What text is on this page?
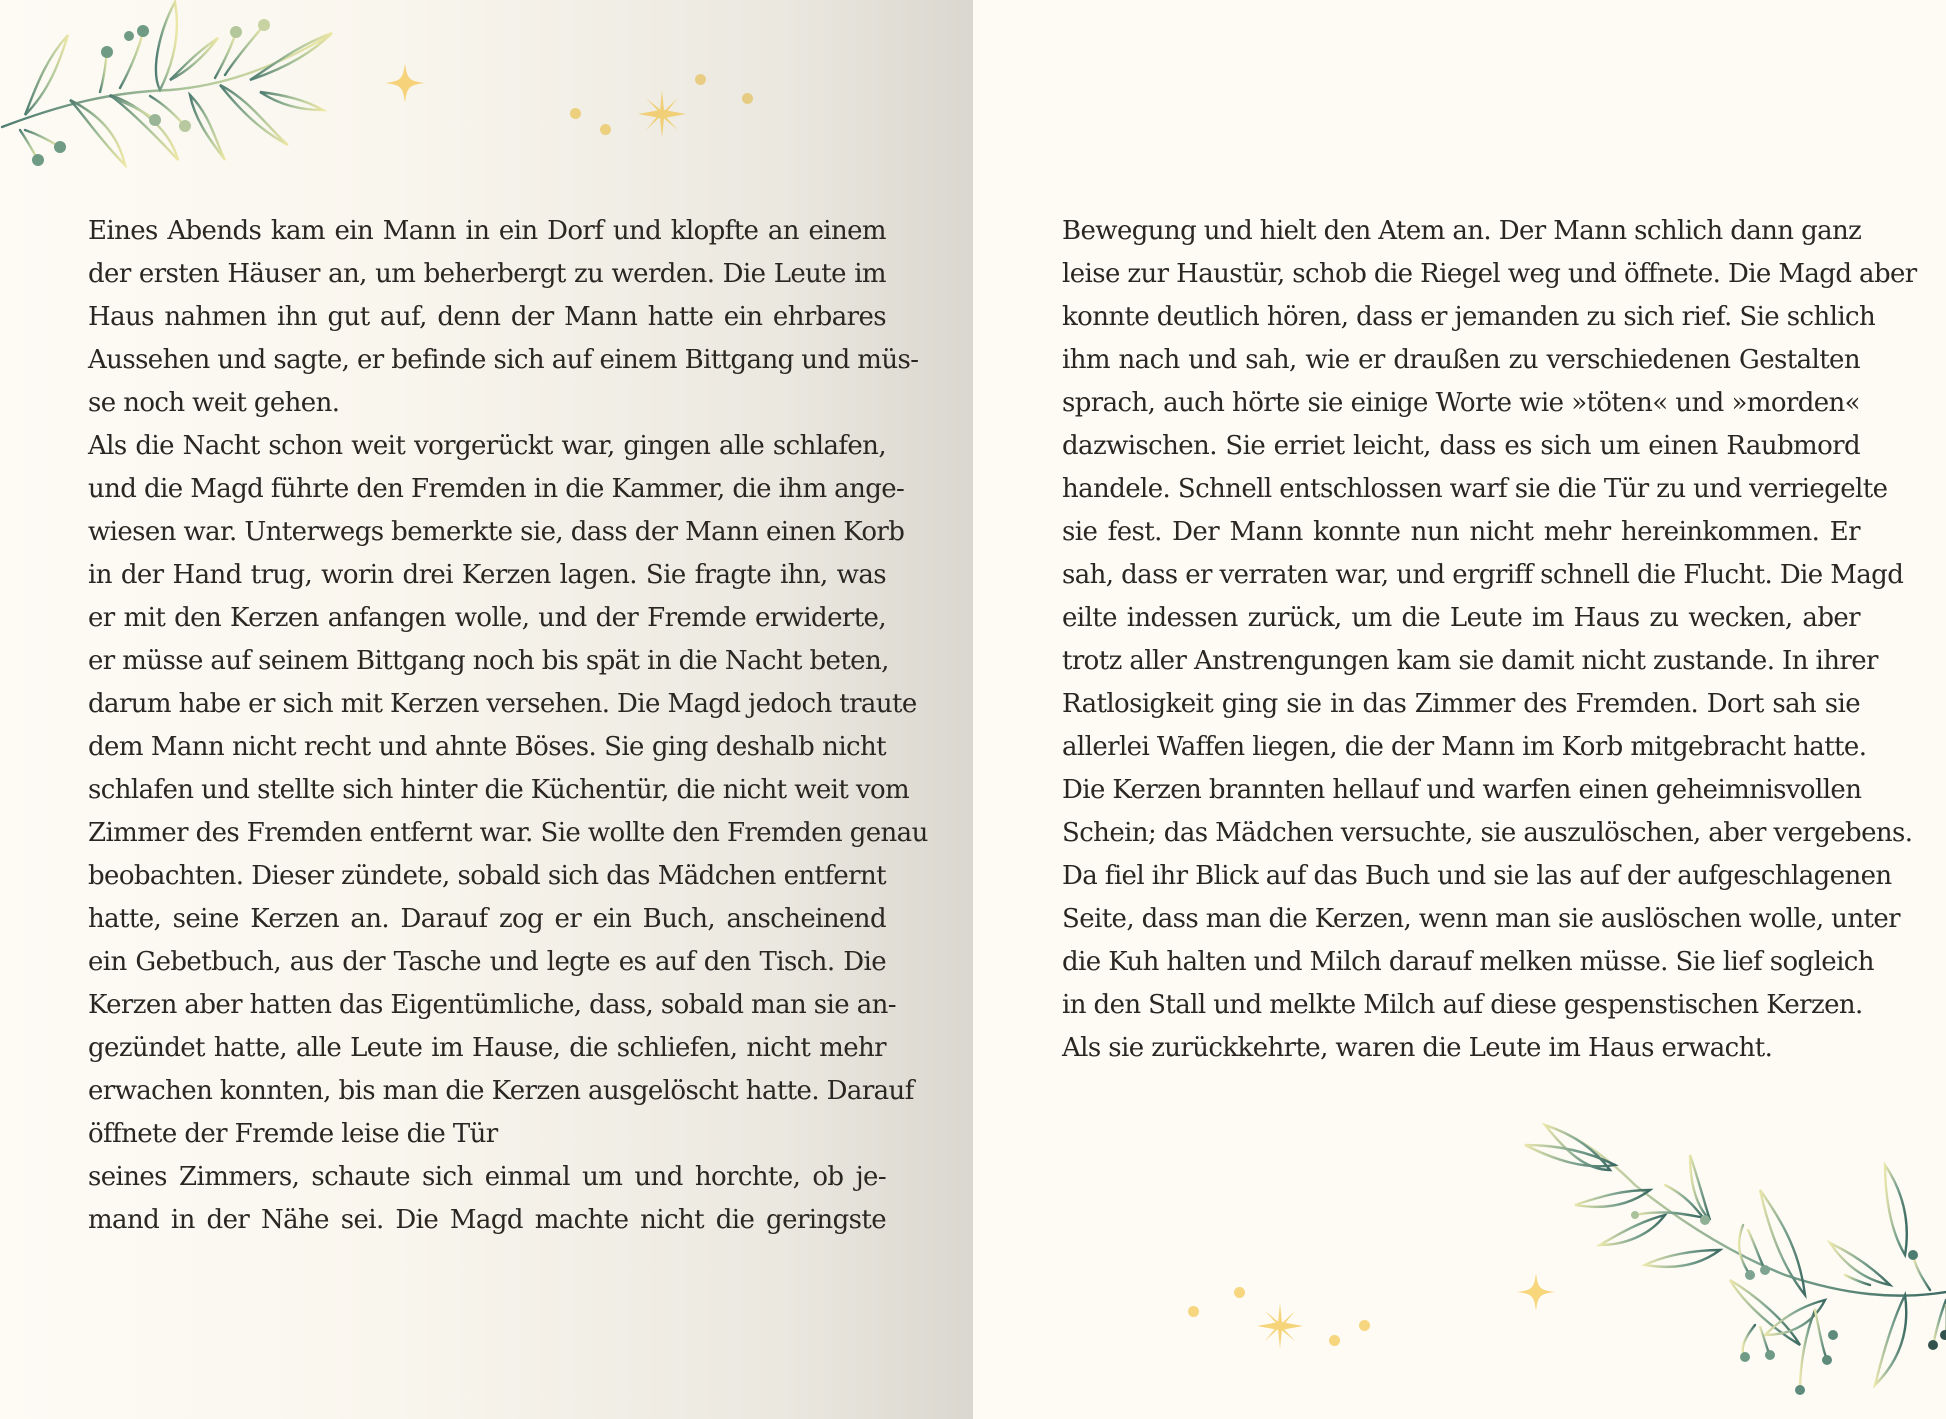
Eines Abends kam ein Mann in ein Dorf und klopfte an einem
der ersten Häuser an, um beherbergt zu werden. Die Leute im
Haus nahmen ihn gut auf, denn der Mann hatte ein ehrbares
Aussehen und sagte, er befinde sich auf einem Bittgang und müs-
se noch weit gehen.
Als die Nacht schon weit vorgerückt war, gingen alle schlafen,
und die Magd führte den Fremden in die Kammer, die ihm ange-
wiesen war. Unterwegs bemerkte sie, dass der Mann einen Korb
in der Hand trug, worin drei Kerzen lagen. Sie fragte ihn, was
er mit den Kerzen anfangen wolle, und der Fremde erwiderte,
er müsse auf seinem Bittgang noch bis spät in die Nacht beten,
darum habe er sich mit Kerzen versehen. Die Magd jedoch traute
dem Mann nicht recht und ahnte Böses. Sie ging deshalb nicht
schlafen und stellte sich hinter die Küchentür, die nicht weit vom
Zimmer des Fremden entfernt war. Sie wollte den Fremden genau
beobachten. Dieser zündete, sobald sich das Mädchen entfernt
hatte, seine Kerzen an. Darauf zog er ein Buch, anscheinend
ein Gebetbuch, aus der Tasche und legte es auf den Tisch. Die
Kerzen aber hatten das Eigentümliche, dass, sobald man sie an-
gezündet hatte, alle Leute im Hause, die schliefen, nicht mehr
erwachen konnten, bis man die Kerzen ausgelöscht hatte. Darauf
öffnete der Fremde leise die Tür
seines Zimmers, schaute sich einmal um und horchte, ob je-
mand in der Nähe sei. Die Magd machte nicht die geringste
Bewegung und hielt den Atem an. Der Mann schlich dann ganz
leise zur Haustür, schob die Riegel weg und öffnete. Die Magd aber
konnte deutlich hören, dass er jemanden zu sich rief. Sie schlich
ihm nach und sah, wie er draußen zu verschiedenen Gestalten
sprach, auch hörte sie einige Worte wie »töten« und »morden«
dazwischen. Sie erriet leicht, dass es sich um einen Raubmord
handele. Schnell entschlossen warf sie die Tür zu und verriegelte
sie fest. Der Mann konnte nun nicht mehr hereinkommen. Er
sah, dass er verraten war, und ergriff schnell die Flucht. Die Magd
eilte indessen zurück, um die Leute im Haus zu wecken, aber
trotz aller Anstrengungen kam sie damit nicht zustande. In ihrer
Ratlosigkeit ging sie in das Zimmer des Fremden. Dort sah sie
allerlei Waffen liegen, die der Mann im Korb mitgebracht hatte.
Die Kerzen brannten hellauf und warfen einen geheimnisvollen
Schein; das Mädchen versuchte, sie auszulöschen, aber vergebens.
Da fiel ihr Blick auf das Buch und sie las auf der aufgeschlagenen
Seite, dass man die Kerzen, wenn man sie auslöschen wolle, unter
die Kuh halten und Milch darauf melken müsse. Sie lief sogleich
in den Stall und melkte Milch auf diese gespenstischen Kerzen.
Als sie zurückkehrte, waren die Leute im Haus erwacht.
